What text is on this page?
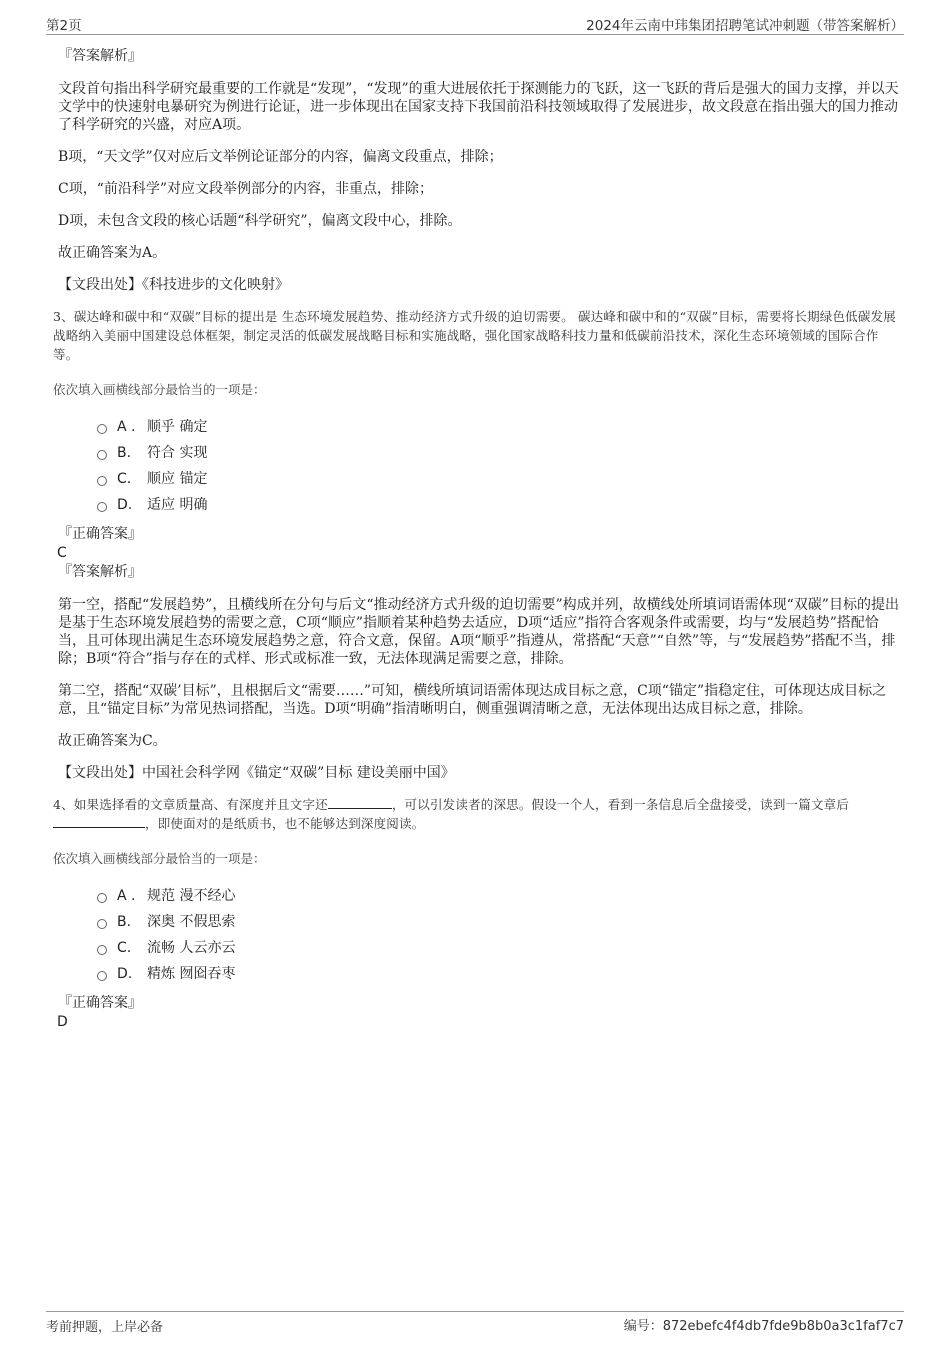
第2页	2024年云南中玮集团招聘笔试冲刺题（带答案解析）
『答案解析』

文段首句指出科学研究最重要的工作就是“发现”，“发现”的重大进展依托于探测能力的飞跃，这一飞跃的背后是强大的国力支撑，并以天文学中的快速射电暴研究为例进行论证，进一步体现出在国家支持下我国前沿科技领域取得了发展进步，故文段意在指出强大的国力推动了科学研究的兴盛，对应A项。

B项，“天文学”仅对应后文举例论证部分的内容，偏离文段重点，排除；

C项，“前沿科学”对应文段举例部分的内容，非重点，排除；

D项，未包含文段的核心话题“科学研究”，偏离文段中心，排除。

故正确答案为A。

【文段出处】《科技进步的文化映射》

3、碳达峰和碳中和“双碳”目标的提出是 生态环境发展趋势、推动经济方式升级的迫切需要。 碳达峰和碳中和的“双碳”目标，需要将长期绿色低碳发展战略纳入美丽中国建设总体框架，制定灵活的低碳发展战略目标和实施战略，强化国家战略科技力量和低碳前沿技术，深化生态环境领域的国际合作等。

依次填入画横线部分最恰当的一项是：

A . 顺乎 确定
B.	符合 实现
C.	顺应 锚定
D.	适应 明确
『正确答案』

C

『答案解析』

第一空，搭配“发展趋势”，且横线所在分句与后文“推动经济方式升级的迫切需要”构成并列，故横线处所填词语需体现“双碳”目标的提出是基于生态环境发展趋势的需要之意，C项“顺应”指顺着某种趋势去适应，D项“适应”指符合客观条件或需要，均与“发展趋势”搭配恰当，且可体现出满足生态环境发展趋势之意，符合文意，保留。A项“顺乎”指遵从，常搭配“天意”“自然”等，与“发展趋势”搭配不当，排除；B项“符合”指与存在的式样、形式或标准一致，无法体现满足需要之意，排除。

第二空，搭配“双碳’目标”，且根据后文“需要……”可知，横线所填词语需体现达成目标之意，C项“锚定”指稳定住，可体现达成目标之意，且“锚定目标”为常见热词搭配，当选。D项“明确”指清晰明白，侧重强调清晰之意，无法体现出达成目标之意，排除。

故正确答案为C。

【文段出处】中国社会科学网《锚定“双碳”目标 建设美丽中国》

4、如果选择看的文章质量高、有深度并且文字还	，可以引发读者的深思。假设一个人，看到一条信息后全盘接受，读到一篇文章后，即使面对的是纸质书，也不能够达到深度阅读。

依次填入画横线部分最恰当的一项是：

A . 规范 漫不经心
B.	深奥 不假思索
C.	流畅 人云亦云
D.	精炼 囫囵吞枣
『正确答案』

D

考前押题，上岸必备	编号：872ebefc4f4db7fde9b8b0a3c1faf7c7
